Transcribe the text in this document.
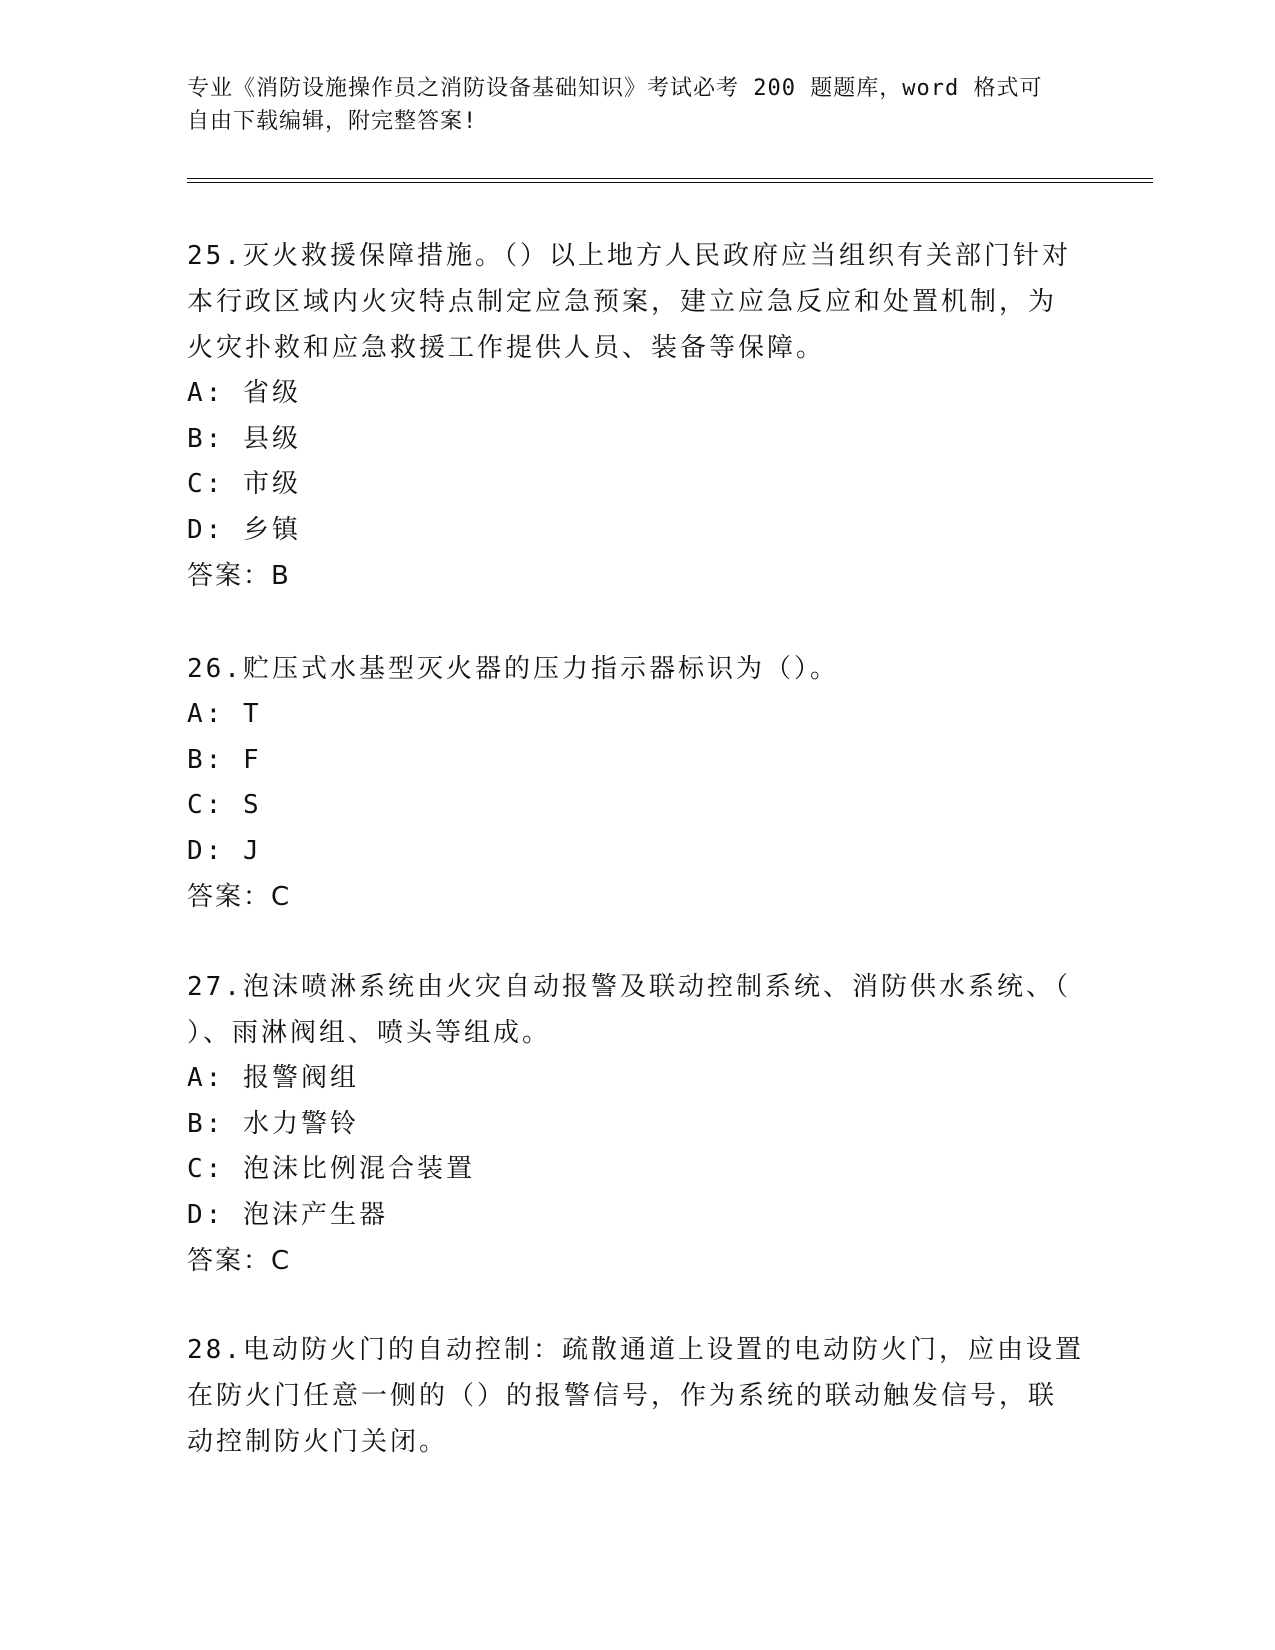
专业《消防设施操作员之消防设备基础知识》考试必考 200 题题库，word 格式可
自由下载编辑，附完整答案!
25.灭火救援保障措施。（）以上地方人民政府应当组织有关部门针对
本行政区域内火灾特点制定应急预案，建立应急反应和处置机制，为
火灾扑救和应急救援工作提供人员、装备等保障。
A: 省级
B: 县级
C: 市级
D: 乡镇
答案：B
26.贮压式水基型灭火器的压力指示器标识为（）。
A: T
B: F
C: S
D: J
答案：C
27.泡沫喷淋系统由火灾自动报警及联动控制系统、消防供水系统、（
）、雨淋阀组、喷头等组成。
A: 报警阀组
B: 水力警铃
C: 泡沫比例混合装置
D: 泡沫产生器
答案：C
28.电动防火门的自动控制：疏散通道上设置的电动防火门，应由设置
在防火门任意一侧的（）的报警信号，作为系统的联动触发信号，联
动控制防火门关闭。
